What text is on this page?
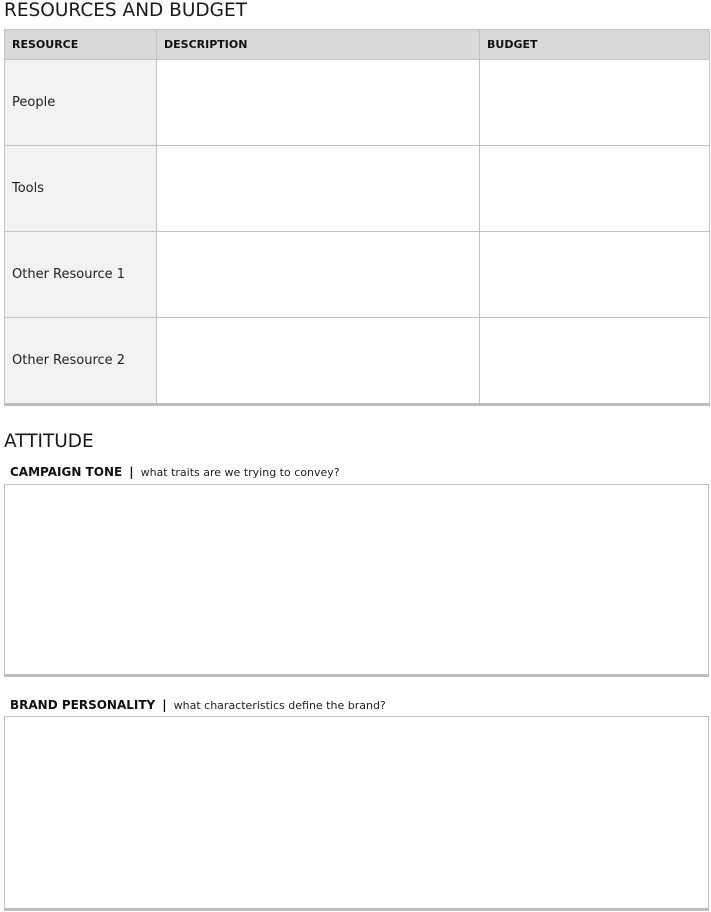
RESOURCES AND BUDGET
RESOURCE	DESCRIPTION	BUDGET
People		
Tools		
Other Resource 1		
Other Resource 2		
ATTITUDE
CAMPAIGN TONE | what traits are we trying to convey?
BRAND PERSONALITY | what characteristics define the brand?
